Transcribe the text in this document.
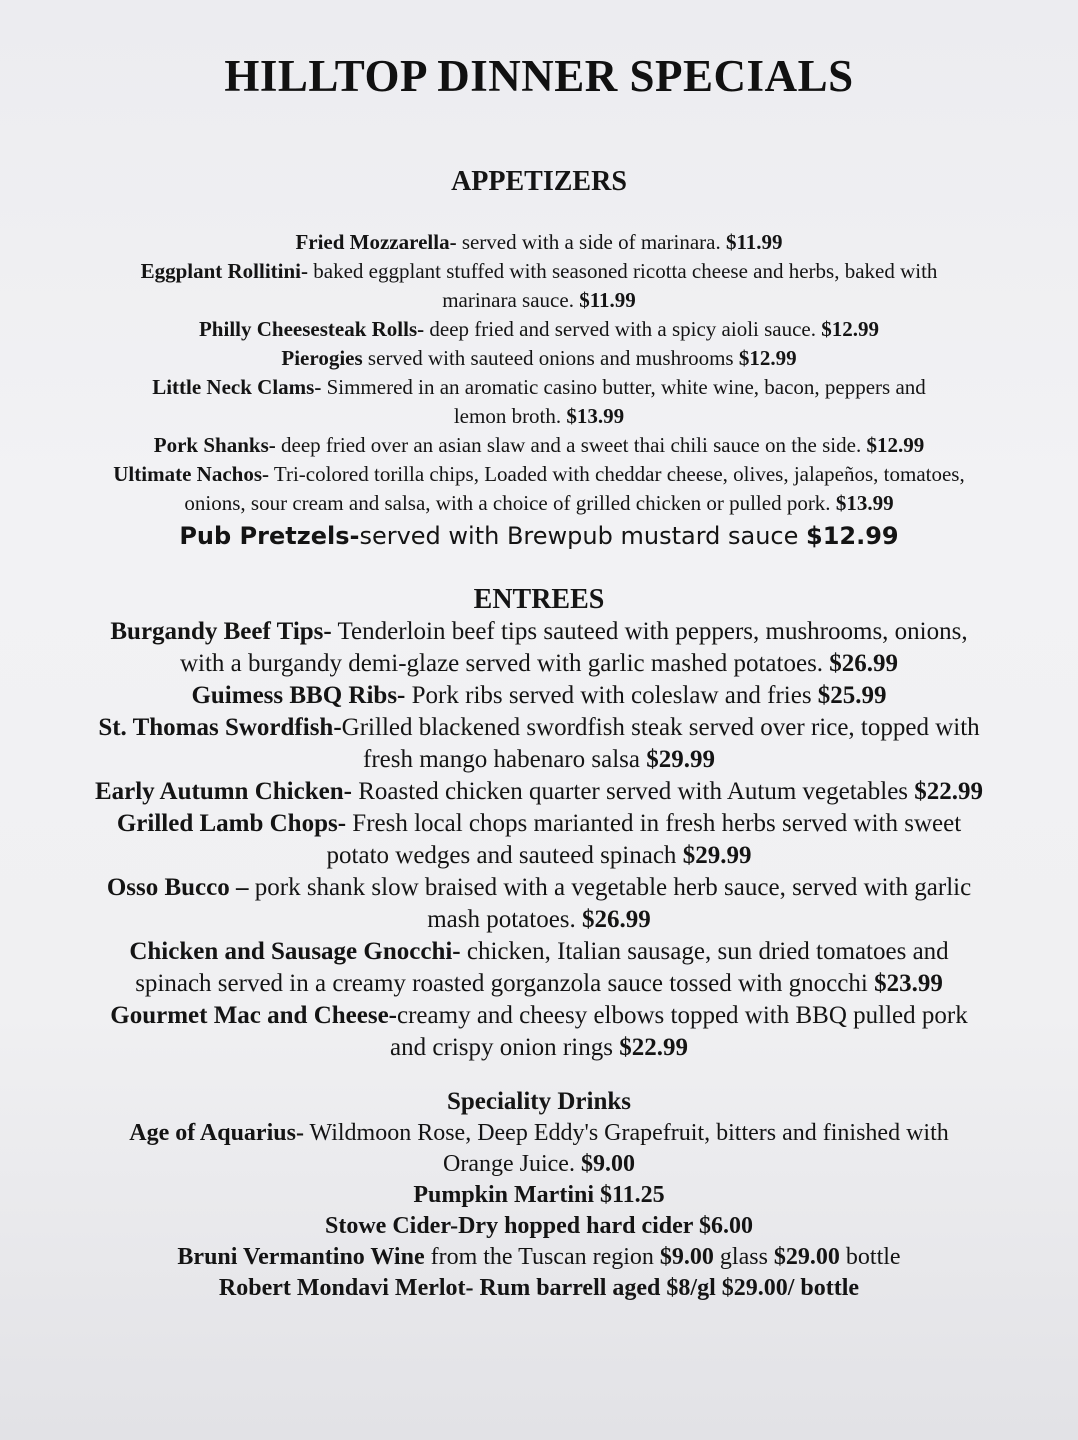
HILLTOP DINNER SPECIALS
APPETIZERS

Fried Mozzarella- served with a side of marinara. $11.99

Eggplant Rollitini- baked eggplant stuffed with seasoned ricotta cheese and herbs, baked with

marinara sauce. $11.99

Philly Cheesesteak Rolls- deep fried and served with a spicy aioli sauce. $12.99

Pierogies served with sauteed onions and mushrooms $12.99

Little Neck Clams- Simmered in an aromatic casino butter, white wine, bacon, peppers and

lemon broth. $13.99

Pork Shanks- deep fried over an asian slaw and a sweet thai chili sauce on the side. $12.99

Ultimate Nachos- Tri-colored torilla chips, Loaded with cheddar cheese, olives, jalapeños, tomatoes,

onions, sour cream and salsa, with a choice of grilled chicken or pulled pork. $13.99

Pub Pretzels-served with Brewpub mustard sauce $12.99

ENTREES

Burgandy Beef Tips- Tenderloin beef tips sauteed with peppers, mushrooms, onions,

with a burgandy demi-glaze served with garlic mashed potatoes. $26.99

Guimess BBQ Ribs- Pork ribs served with coleslaw and fries $25.99

St. Thomas Swordfish-Grilled blackened swordfish steak served over rice, topped with

fresh mango habenaro salsa $29.99

Early Autumn Chicken- Roasted chicken quarter served with Autum vegetables $22.99

Grilled Lamb Chops- Fresh local chops marianted in fresh herbs served with sweet

potato wedges and sauteed spinach $29.99

Osso Bucco – pork shank slow braised with a vegetable herb sauce, served with garlic

mash potatoes. $26.99

Chicken and Sausage Gnocchi- chicken, Italian sausage, sun dried tomatoes and

spinach served in a creamy roasted gorganzola sauce tossed with gnocchi $23.99

Gourmet Mac and Cheese-creamy and cheesy elbows topped with BBQ pulled pork

and crispy onion rings $22.99

Speciality Drinks

Age of Aquarius- Wildmoon Rose, Deep Eddy's Grapefruit, bitters and finished with

Orange Juice. $9.00

Pumpkin Martini $11.25

Stowe Cider-Dry hopped hard cider $6.00

Bruni Vermantino Wine from the Tuscan region $9.00 glass $29.00 bottle

Robert Mondavi Merlot- Rum barrell aged $8/gl $29.00/ bottle
